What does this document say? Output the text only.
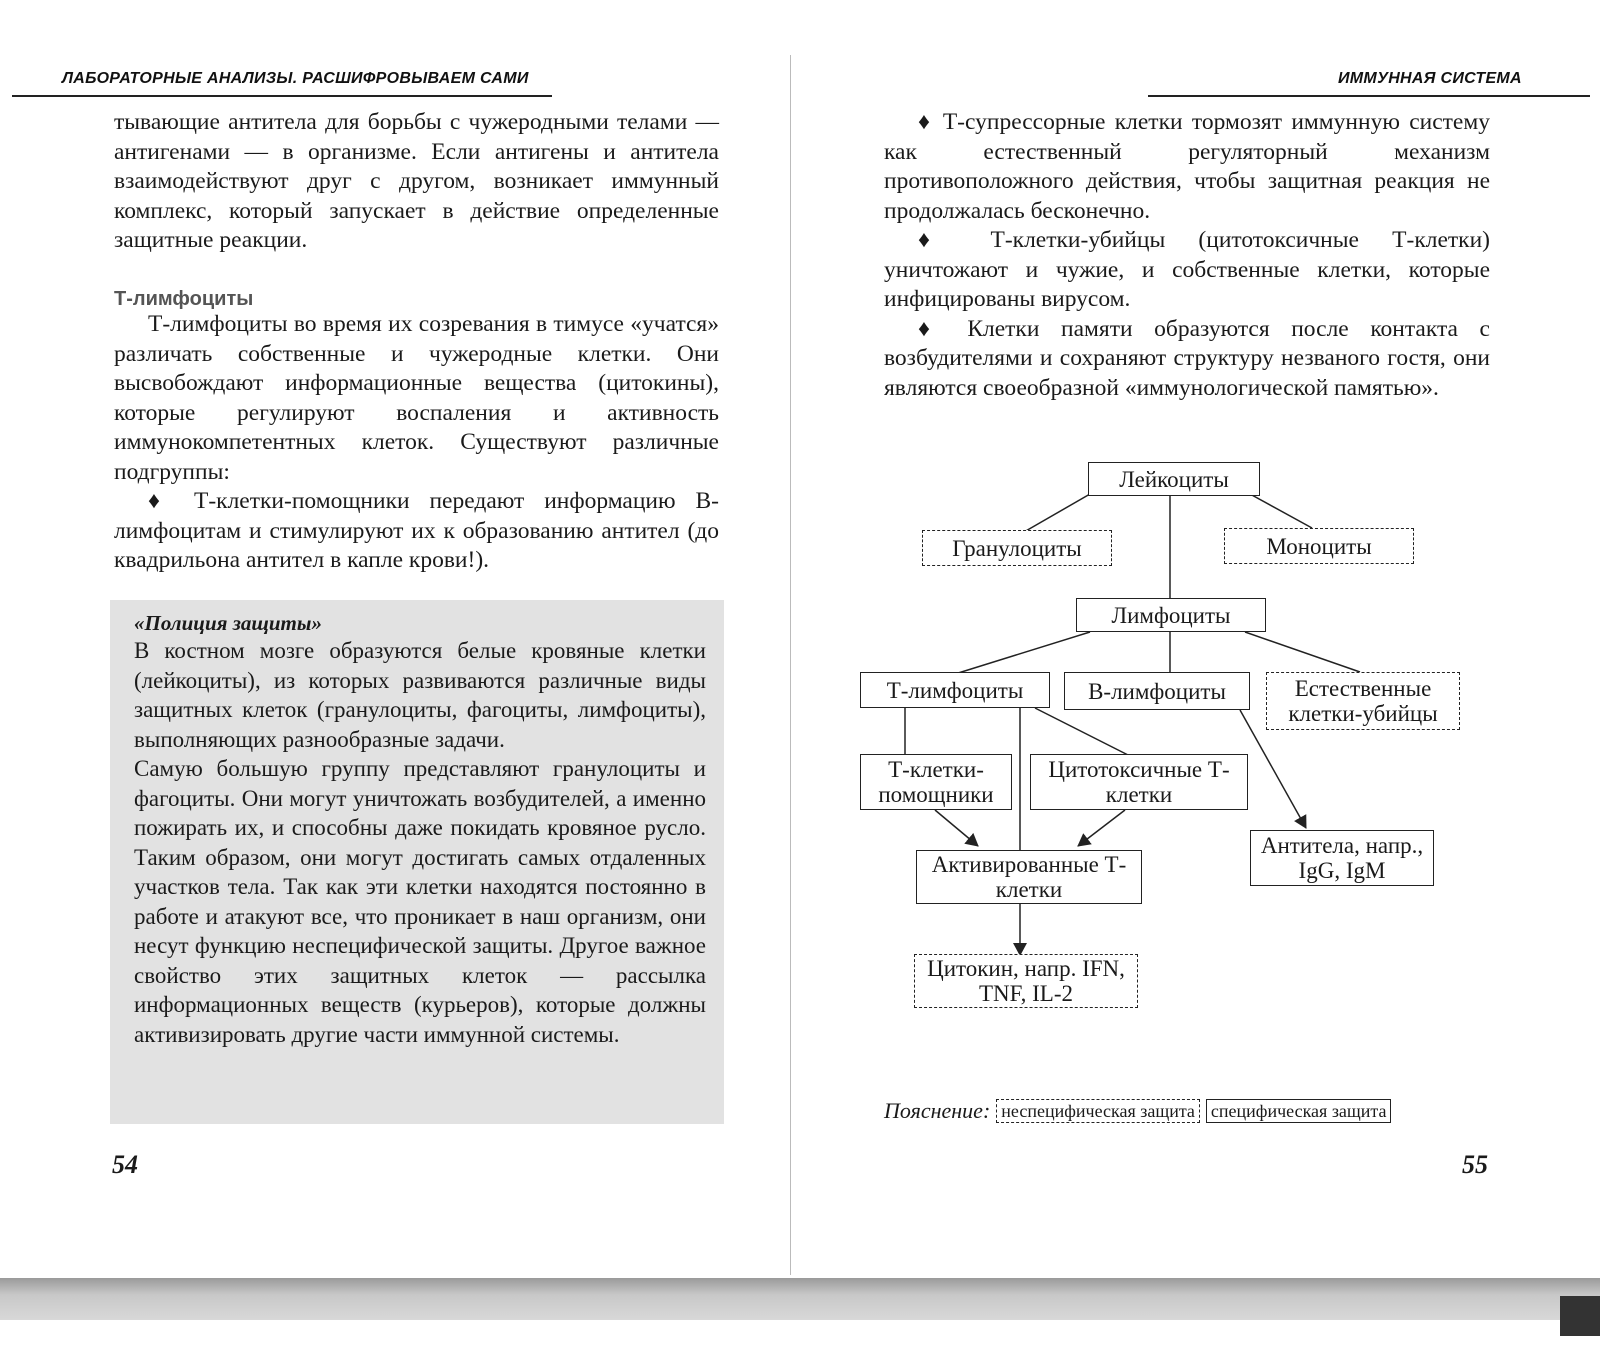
ЛАБОРАТОРНЫЕ АНАЛИЗЫ. РАСШИФРОВЫВАЕМ САМИ

тывающие антитела для борьбы с чужеродными телами — антигенами — в организме. Если антигены и антитела взаимодействуют друг с другом, возникает иммунный комплекс, который запускает в действие определенные защитные реакции.

Т-лимфоциты

Т-лимфоциты во время их созревания в тимусе «учатся» различать собственные и чужеродные клетки. Они высвобождают информационные вещества (цитокины), которые регулируют воспаления и активность иммунокомпетентных клеток. Существуют различные подгруппы:

♦ Т-клетки-помощники передают информацию В-лимфоцитам и стимулируют их к образованию антител (до квадрильона антител в капле крови!).

«Полиция защиты»

В костном мозге образуются белые кровяные клетки (лейкоциты), из которых развиваются различные виды защитных клеток (гранулоциты, фагоциты, лимфоциты), выполняющих разнообразные задачи.

Самую большую группу представляют гранулоциты и фагоциты. Они могут уничтожать возбудителей, а именно пожирать их, и способны даже покидать кровяное русло. Таким образом, они могут достигать самых отдаленных участков тела. Так как эти клетки находятся постоянно в работе и атакуют все, что проникает в наш организм, они несут функцию неспецифической защиты. Другое важное свойство этих защитных клеток — рассылка информационных веществ (курьеров), которые должны активизировать другие части иммунной системы.

54
ИММУННАЯ СИСТЕМА

♦ Т-супрессорные клетки тормозят иммунную систему как естественный регуляторный механизм противоположного действия, чтобы защитная реакция не продолжалась бесконечно.

♦ Т-клетки-убийцы (цитотоксичные Т-клетки) уничтожают и чужие, и собственные клетки, которые инфицированы вирусом.

♦ Клетки памяти образуются после контакта с возбудителями и сохраняют структуру незваного гостя, они являются своеобразной «иммунологической памятью».

Лейкоциты
Гранулоциты	Моноциты
Лимфоциты
Т-лимфоциты	В-лимфоциты	Естественные клетки-убийцы
Т-клетки-помощники
Цитотоксичные Т-клетки
Активированные Т-клетки
Антитела, напр., IgG, IgM
Цитокин, напр. IFN, TNF, IL-2
Пояснение: неспецифическая защита специфическая защита
55
